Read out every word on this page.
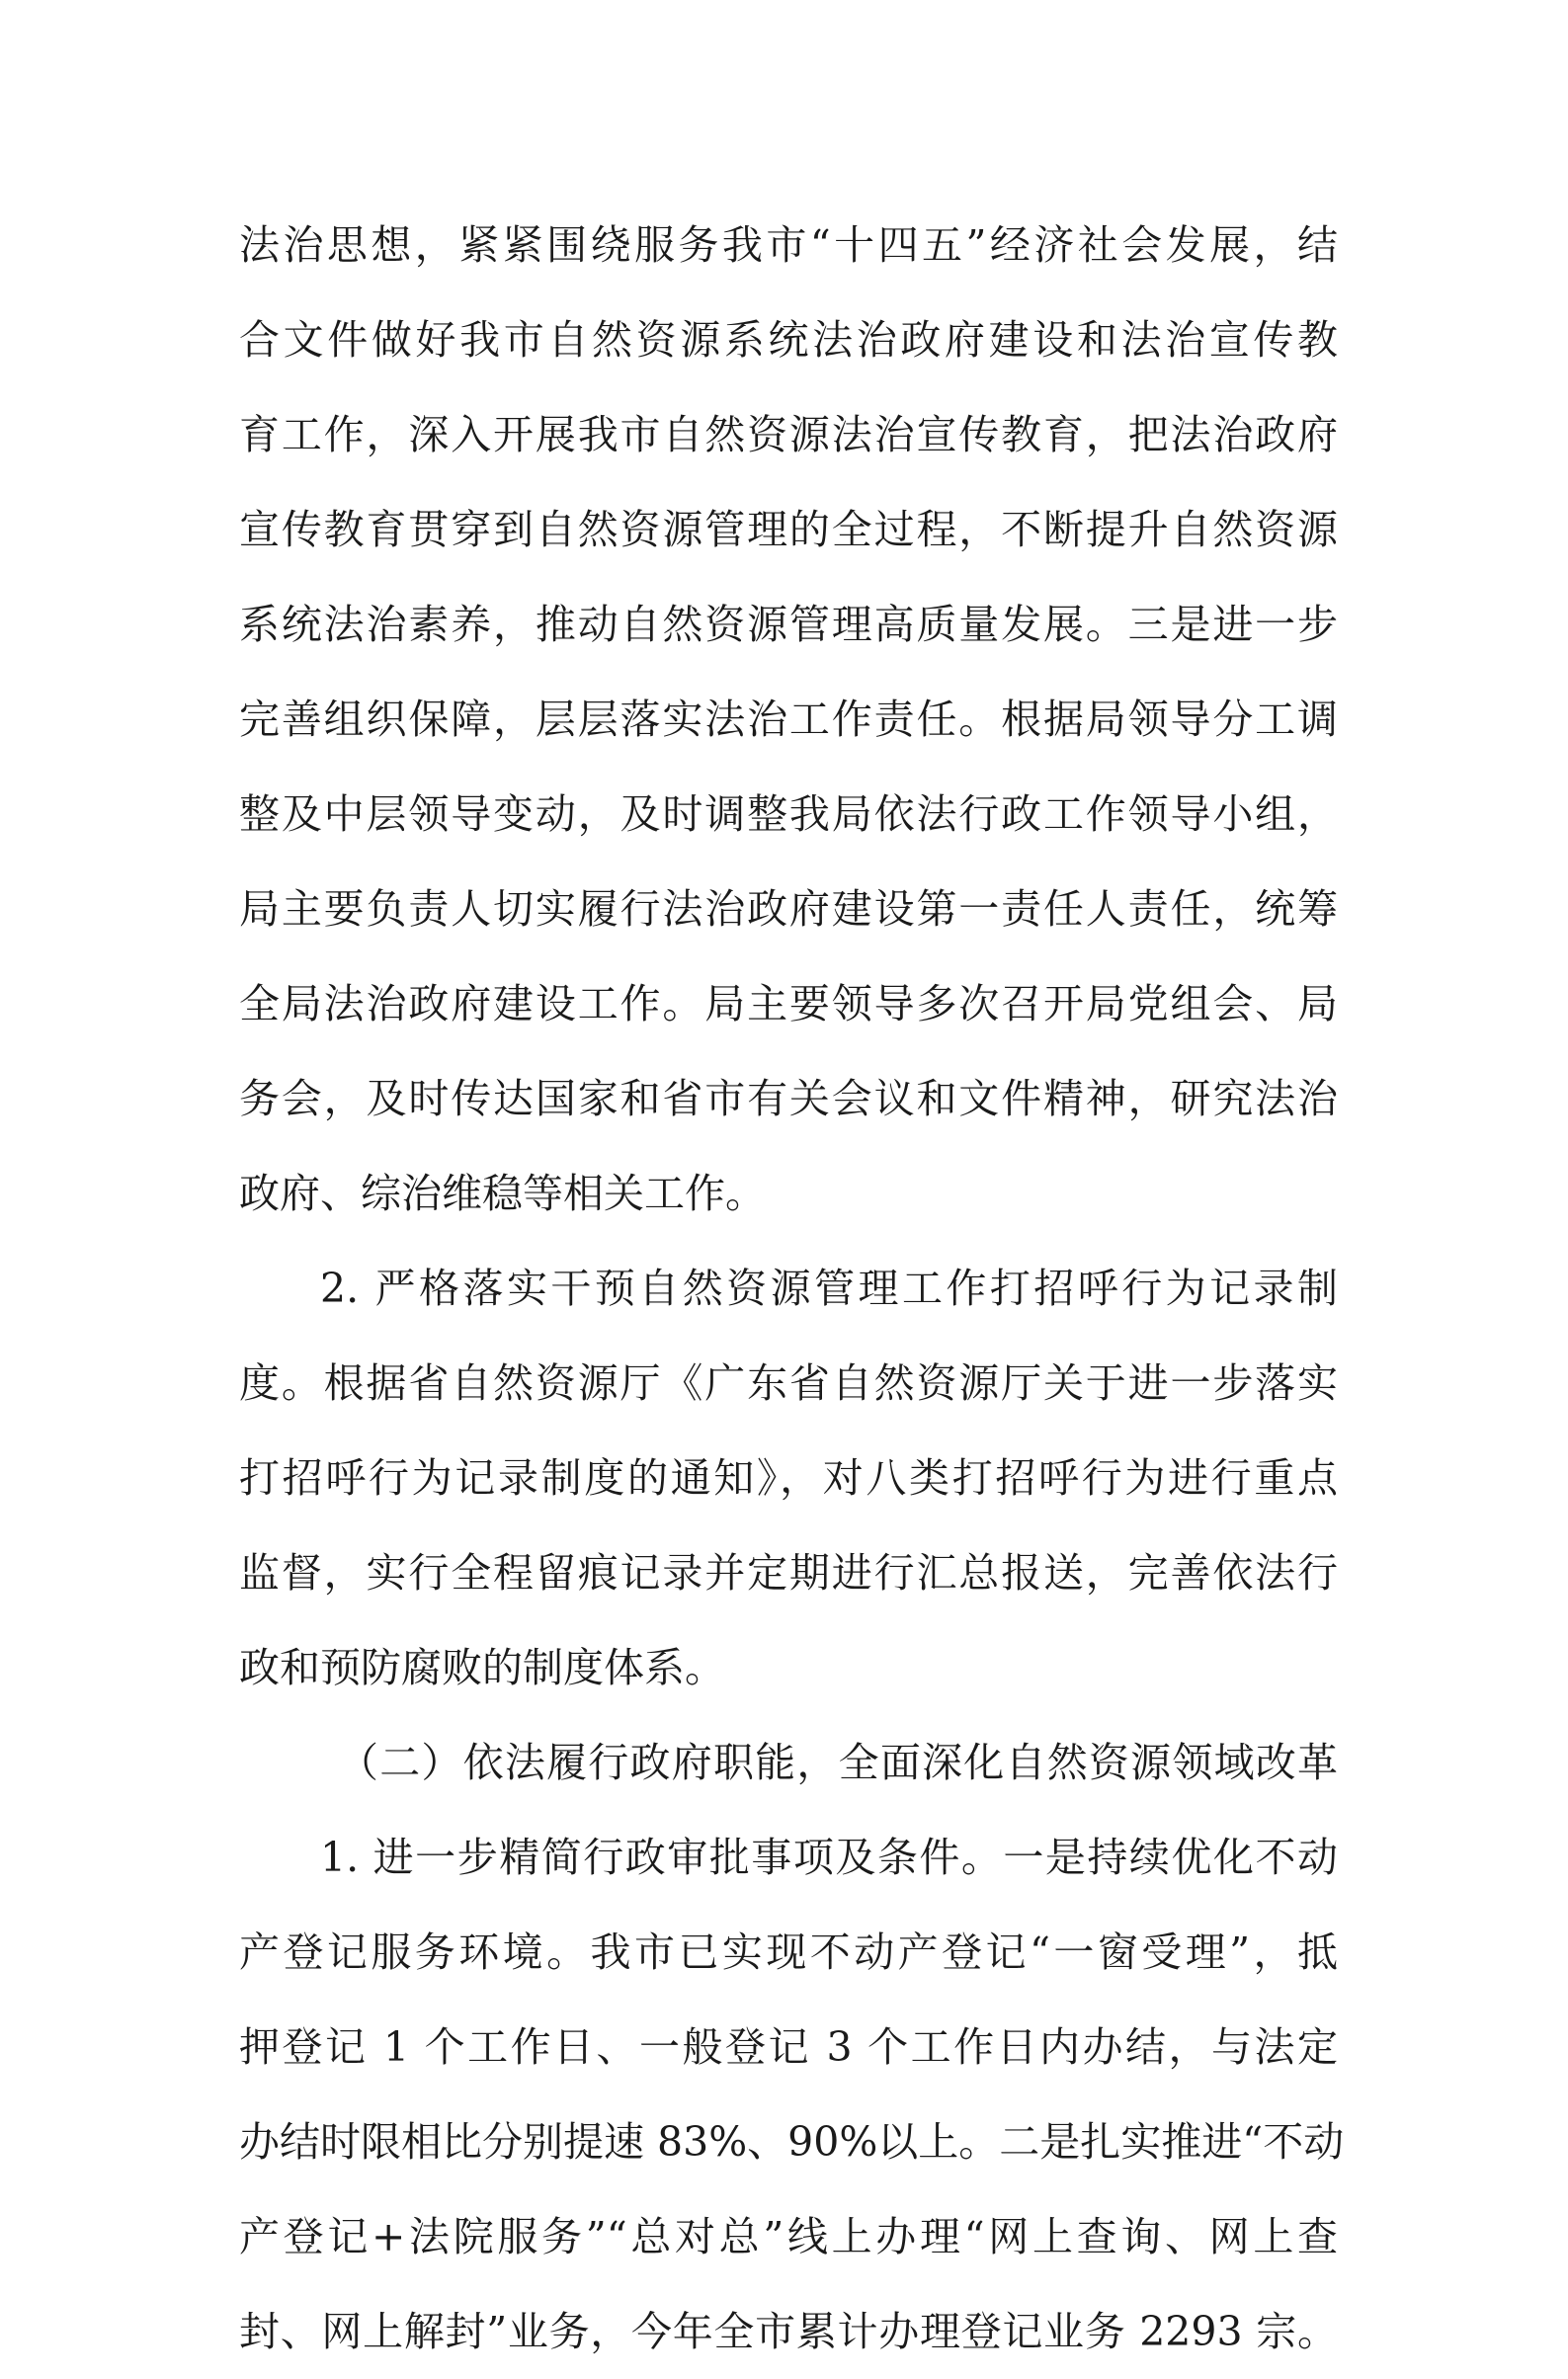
法治思想，紧紧围绕服务我市“十四五”经济社会发展，结
合文件做好我市自然资源系统法治政府建设和法治宣传教
育工作，深入开展我市自然资源法治宣传教育，把法治政府
宣传教育贯穿到自然资源管理的全过程，不断提升自然资源
系统法治素养，推动自然资源管理高质量发展。三是进一步
完善组织保障，层层落实法治工作责任。根据局领导分工调
整及中层领导变动，及时调整我局依法行政工作领导小组，
局主要负责人切实履行法治政府建设第一责任人责任，统筹
全局法治政府建设工作。局主要领导多次召开局党组会、局
务会，及时传达国家和省市有关会议和文件精神，研究法治
政府、综治维稳等相关工作。
2. 严格落实干预自然资源管理工作打招呼行为记录制
度。根据省自然资源厅《广东省自然资源厅关于进一步落实
打招呼行为记录制度的通知》，对八类打招呼行为进行重点
监督，实行全程留痕记录并定期进行汇总报送，完善依法行
政和预防腐败的制度体系。
（二）依法履行政府职能，全面深化自然资源领域改革
1. 进一步精简行政审批事项及条件。一是持续优化不动
产登记服务环境。我市已实现不动产登记“一窗受理”，抵
押登记 1 个工作日、一般登记 3 个工作日内办结，与法定
办结时限相比分别提速 83%、90%以上。二是扎实推进“不动
产登记+法院服务”“总对总”线上办理“网上查询、网上查
封、网上解封”业务，今年全市累计办理登记业务 2293 宗。
